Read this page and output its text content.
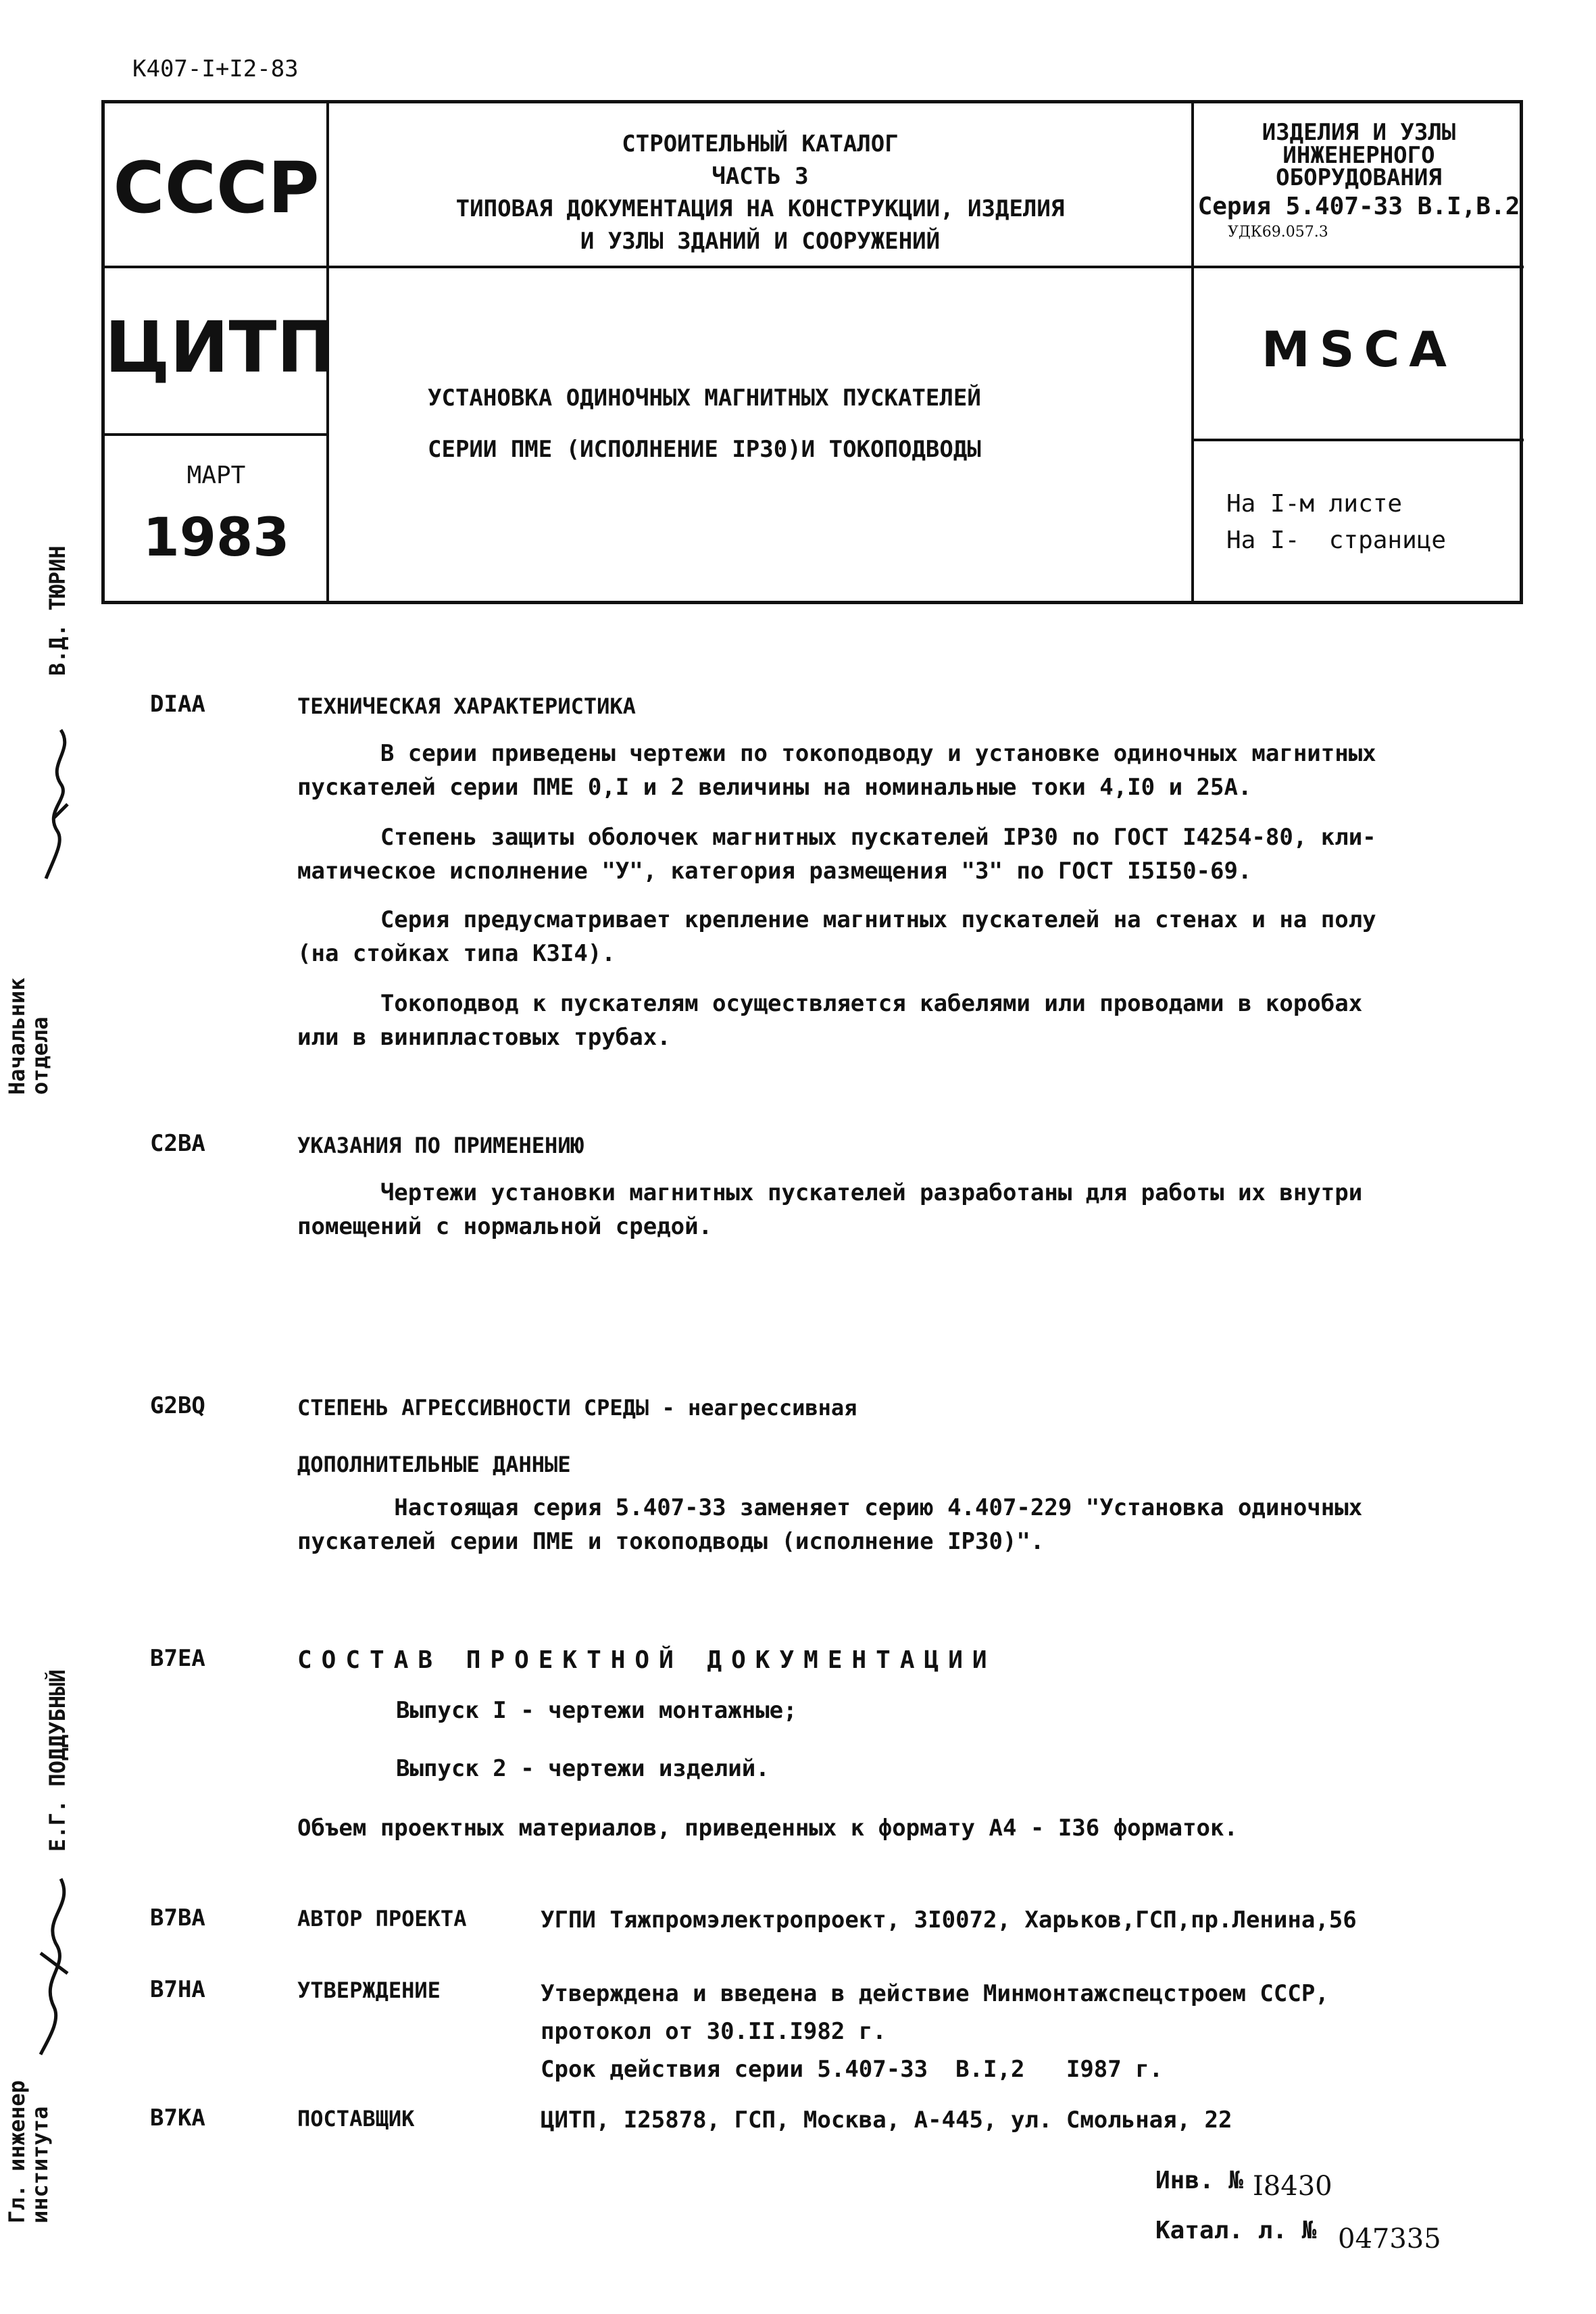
К407-I+I2-83
СССР
ЦИТП
МАРТ
1983
СТРОИТЕЛЬНЫЙ КАТАЛОГ
ЧАСТЬ 3
ТИПОВАЯ ДОКУМЕНТАЦИЯ НА КОНСТРУКЦИИ, ИЗДЕЛИЯ
И УЗЛЫ ЗДАНИЙ И СООРУЖЕНИЙ
УСТАНОВКА ОДИНОЧНЫХ МАГНИТНЫХ ПУСКАТЕЛЕЙ
СЕРИИ ПМЕ (ИСПОЛНЕНИЕ IP30)И ТОКОПОДВОДЫ
ИЗДЕЛИЯ И УЗЛЫ
ИНЖЕНЕРНОГО
ОБОРУДОВАНИЯ
Серия 5.407-33 В.I,В.2
УДК69.057.3
MSCA
На I-м листе
На I-  странице
В.Д. ТЮРИН
Начальник
отдела
Е.Г. ПОДДУБНЫЙ
Гл. инженер
института
DIAA	ТЕХНИЧЕСКАЯ ХАРАКТЕРИСТИКА
В серии приведены чертежи по токоподводу и установке одиночных магнитных
пускателей серии ПМЕ 0,I и 2 величины на номинальные токи 4,I0 и 25А.
Степень защиты оболочек магнитных пускателей IP30 по ГОСТ I4254-80, кли-
матическое исполнение "У", категория размещения "3" по ГОСТ I5I50-69.
Серия предусматривает крепление магнитных пускателей на стенах и на полу
(на стойках типа К3I4).
Токоподвод к пускателям осуществляется кабелями или проводами в коробах
или в винипластовых трубах.
C2BA	УКАЗАНИЯ ПО ПРИМЕНЕНИЮ
Чертежи установки магнитных пускателей разработаны для работы их внутри
помещений с нормальной средой.
G2BQ	СТЕПЕНЬ АГРЕССИВНОСТИ СРЕДЫ - неагрессивная
ДОПОЛНИТЕЛЬНЫЕ ДАННЫЕ
Настоящая серия 5.407-33 заменяет серию 4.407-229 "Установка одиночных
пускателей серии ПМЕ и токоподводы (исполнение IP30)".
B7EA	СОСТАВ ПРОЕКТНОЙ ДОКУМЕНТАЦИИ
Выпуск I - чертежи монтажные;
Выпуск 2 - чертежи изделий.
Объем проектных материалов, приведенных к формату А4 - I36 форматок.
B7BA	АВТОР ПРОЕКТА	УГПИ Тяжпромэлектропроект, 3I0072, Харьков,ГСП,пр.Ленина,56
B7HA	УТВЕРЖДЕНИЕ	Утверждена и введена в действие Минмонтажспецстроем СССР,
протокол от 30.II.I982 г.
Срок действия серии 5.407-33  В.I,2   I987 г.
B7KA	ПОСТАВЩИК	ЦИТП, I25878, ГСП, Москва, А-445, ул. Смольная, 22
Инв. № I8430
Катал. л. № 047335
